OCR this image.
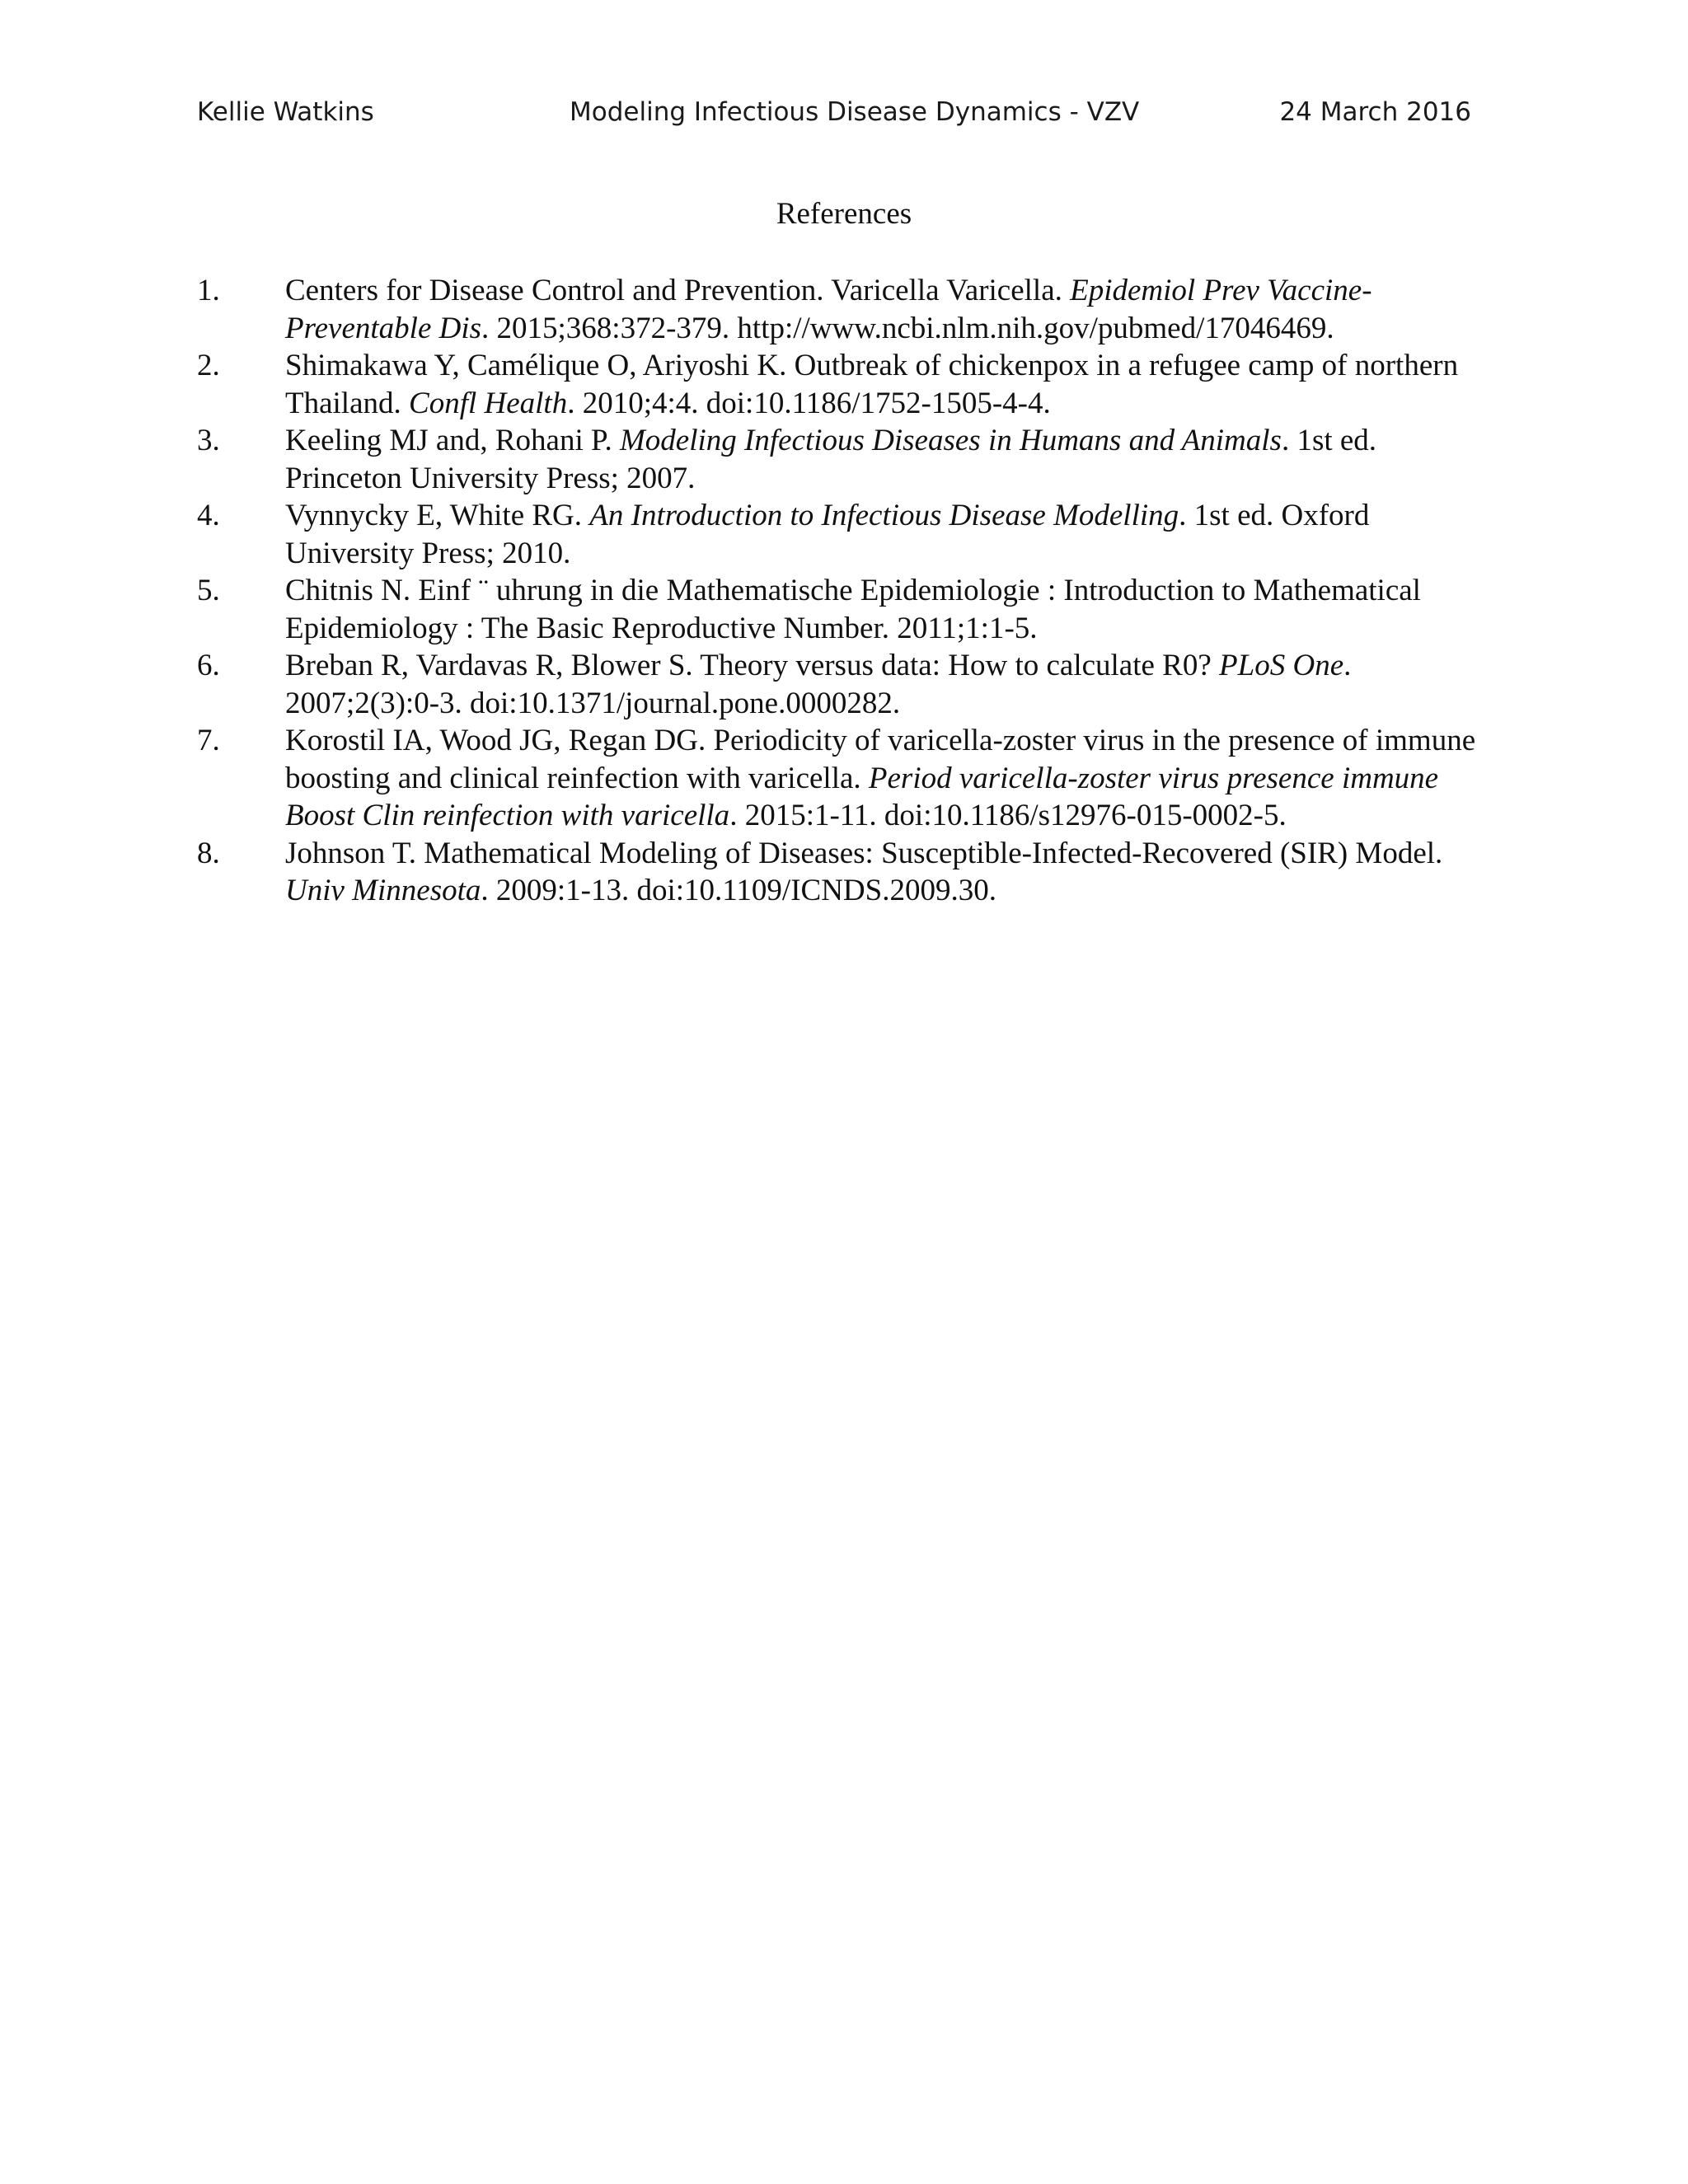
Kellie Watkins	Modeling Infectious Disease Dynamics - VZV	24 March 2016
References
1. Centers for Disease Control and Prevention. Varicella Varicella. Epidemiol Prev Vaccine-Preventable Dis. 2015;368:372-379. http://www.ncbi.nlm.nih.gov/pubmed/17046469.
2. Shimakawa Y, Camélique O, Ariyoshi K. Outbreak of chickenpox in a refugee camp of northern Thailand. Confl Health. 2010;4:4. doi:10.1186/1752-1505-4-4.
3. Keeling MJ and, Rohani P. Modeling Infectious Diseases in Humans and Animals. 1st ed. Princeton University Press; 2007.
4. Vynnycky E, White RG. An Introduction to Infectious Disease Modelling. 1st ed. Oxford University Press; 2010.
5. Chitnis N. Einf ¨ uhrung in die Mathematische Epidemiologie : Introduction to Mathematical Epidemiology : The Basic Reproductive Number. 2011;1:1-5.
6. Breban R, Vardavas R, Blower S. Theory versus data: How to calculate R0? PLoS One. 2007;2(3):0-3. doi:10.1371/journal.pone.0000282.
7. Korostil IA, Wood JG, Regan DG. Periodicity of varicella-zoster virus in the presence of immune boosting and clinical reinfection with varicella. Period varicella-zoster virus presence immune Boost Clin reinfection with varicella. 2015:1-11. doi:10.1186/s12976-015-0002-5.
8. Johnson T. Mathematical Modeling of Diseases: Susceptible-Infected-Recovered (SIR) Model. Univ Minnesota. 2009:1-13. doi:10.1109/ICNDS.2009.30.
